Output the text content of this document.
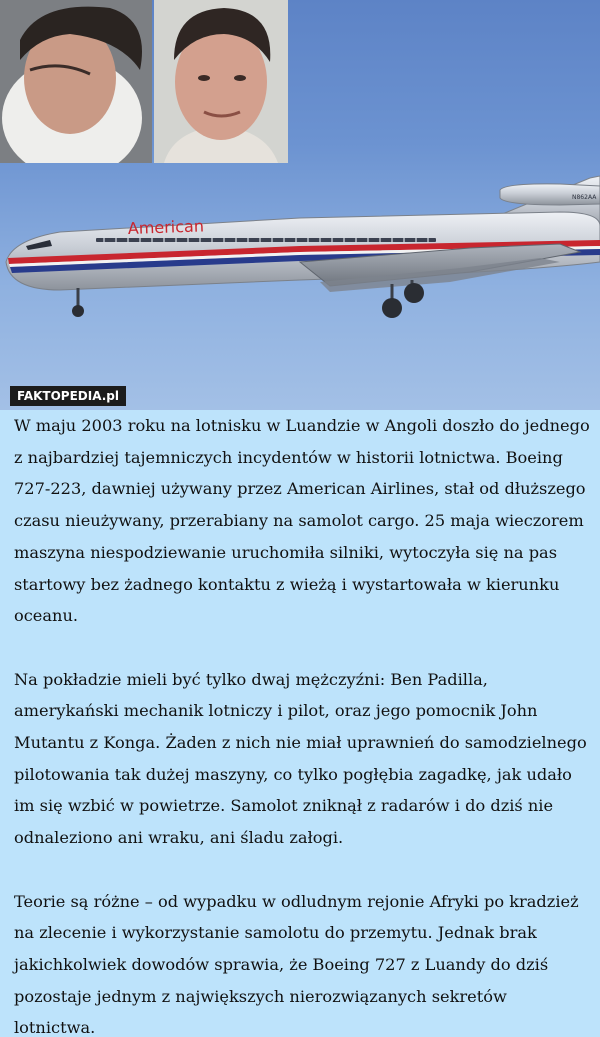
N862AA
American
FAKTOPEDIA.pl

W maju 2003 roku na lotnisku w Luandzie w Angoli doszło do jednego z najbardziej tajemniczych incydentów w historii lotnictwa. Boeing 727-223, dawniej używany przez American Airlines, stał od dłuższego czasu nieużywany, przerabiany na samolot cargo. 25 maja wieczorem maszyna niespodziewanie uruchomiła silniki, wytoczyła się na pas startowy bez żadnego kontaktu z wieżą i wystartowała w kierunku oceanu.

Na pokładzie mieli być tylko dwaj mężczyźni: Ben Padilla, amerykański mechanik lotniczy i pilot, oraz jego pomocnik John Mutantu z Konga. Żaden z nich nie miał uprawnień do samodzielnego pilotowania tak dużej maszyny, co tylko pogłębia zagadkę, jak udało im się wzbić w powietrze. Samolot zniknął z radarów i do dziś nie odnaleziono ani wraku, ani śladu załogi.

Teorie są różne – od wypadku w odludnym rejonie Afryki po kradzież na zlecenie i wykorzystanie samolotu do przemytu. Jednak brak jakichkolwiek dowodów sprawia, że Boeing 727 z Luandy do dziś pozostaje jednym z największych nierozwiązanych sekretów lotnictwa.
